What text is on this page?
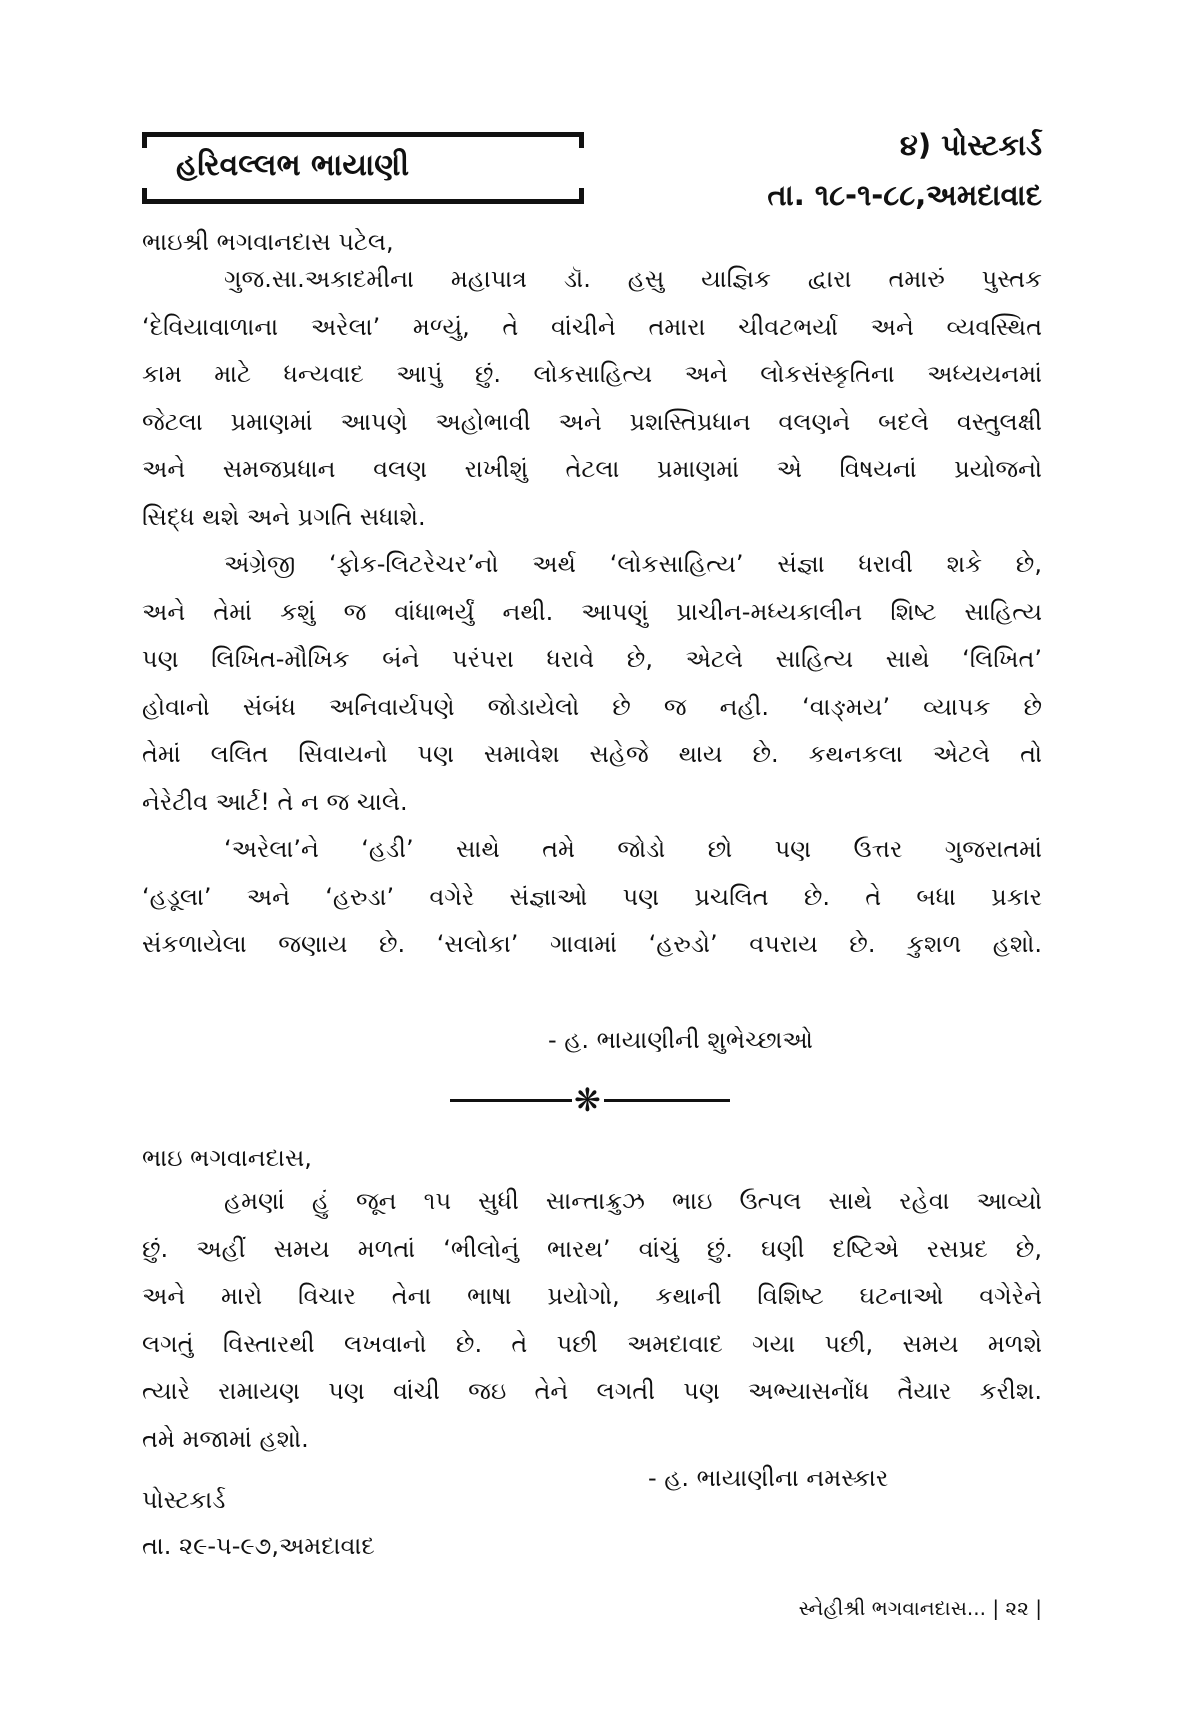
હરિવલ્લભ ભાયાણી
૪) પોસ્ટકાર્ડ
તા. ૧૮-૧-૮૮,અમદાવાદ
ભાઇશ્રી ભગવાનદાસ પટેલ,
ગુજ.સા.અકાદમીના મહાપાત્ર ડૉ. હસુ યાજ્ઞિક દ્વારા તમારું પુસ્તક
‘દેવિયાવાળાના અરેલા’ મળ્યું, તે વાંચીને તમારા ચીવટભર્યા અને વ્યવસ્થિત
કામ માટે ધન્યવાદ આપું છું. લોકસાહિત્ય અને લોકસંસ્કૃતિના અધ્યયનમાં
જેટલા પ્રમાણમાં આપણે અહોભાવી અને પ્રશસ્તિપ્રધાન વલણને બદલે વસ્તુલક્ષી
અને સમજપ્રધાન વલણ રાખીશું તેટલા પ્રમાણમાં એ વિષયનાં પ્રયોજનો
સિદ્ધ થશે અને પ્રગતિ સધાશે.
અંગ્રેજી ‘ફોક-લિટરેચર’નો અર્થ ‘લોકસાહિત્ય’ સંજ્ઞા ધરાવી શકે છે,
અને તેમાં કશું જ વાંધાભર્યું નથી. આપણું પ્રાચીન-મધ્યકાલીન શિષ્ટ સાહિત્ય
પણ લિખિત-મૌખિક બંને પરંપરા ધરાવે છે, એટલે સાહિત્ય સાથે ‘લિખિત’
હોવાનો સંબંધ અનિવાર્યપણે જોડાયેલો છે જ નહી. ‘વાઙ્મય’ વ્યાપક છે
તેમાં લલિત સિવાયનો પણ સમાવેશ સહેજે થાય છે. કથનકલા એટલે તો
નેરેટીવ આર્ટ! તે ન જ ચાલે.
‘અરેલા’ને ‘હડી’ સાથે તમે જોડો છો પણ ઉત્તર ગુજરાતમાં
‘હડૂલા’ અને ‘હરુડા’ વગેરે સંજ્ઞાઓ પણ પ્રચલિત છે. તે બધા પ્રકાર
સંકળાયેલા જણાય છે. ‘સલોકા’ ગાવામાં ‘હરુડો’ વપરાય છે. કુશળ હશો.
- હ. ભાયાણીની શુભેચ્છાઓ
❋
ભાઇ ભગવાનદાસ,
હમણાં હું જૂન ૧૫ સુધી સાન્તાક્રુઝ ભાઇ ઉત્પલ સાથે રહેવા આવ્યો
છું. અહીં સમય મળતાં ‘ભીલોનું ભારથ’ વાંચું છું. ઘણી દષ્ટિએ રસપ્રદ છે,
અને મારો વિચાર તેના ભાષા પ્રયોગો, કથાની વિશિષ્ટ ઘટનાઓ વગેરેને
લગતું વિસ્તારથી લખવાનો છે. તે પછી અમદાવાદ ગયા પછી, સમય મળશે
ત્યારે રામાયણ પણ વાંચી જઇ તેને લગતી પણ અભ્યાસનોંધ તૈયાર કરીશ.
તમે મજામાં હશો.
- હ. ભાયાણીના નમસ્કાર
પોસ્ટકાર્ડ
તા. ૨૯-૫-૯૭,અમદાવાદ
સ્નેહીશ્રી ભગવાનદાસ... | ૨૨ |
